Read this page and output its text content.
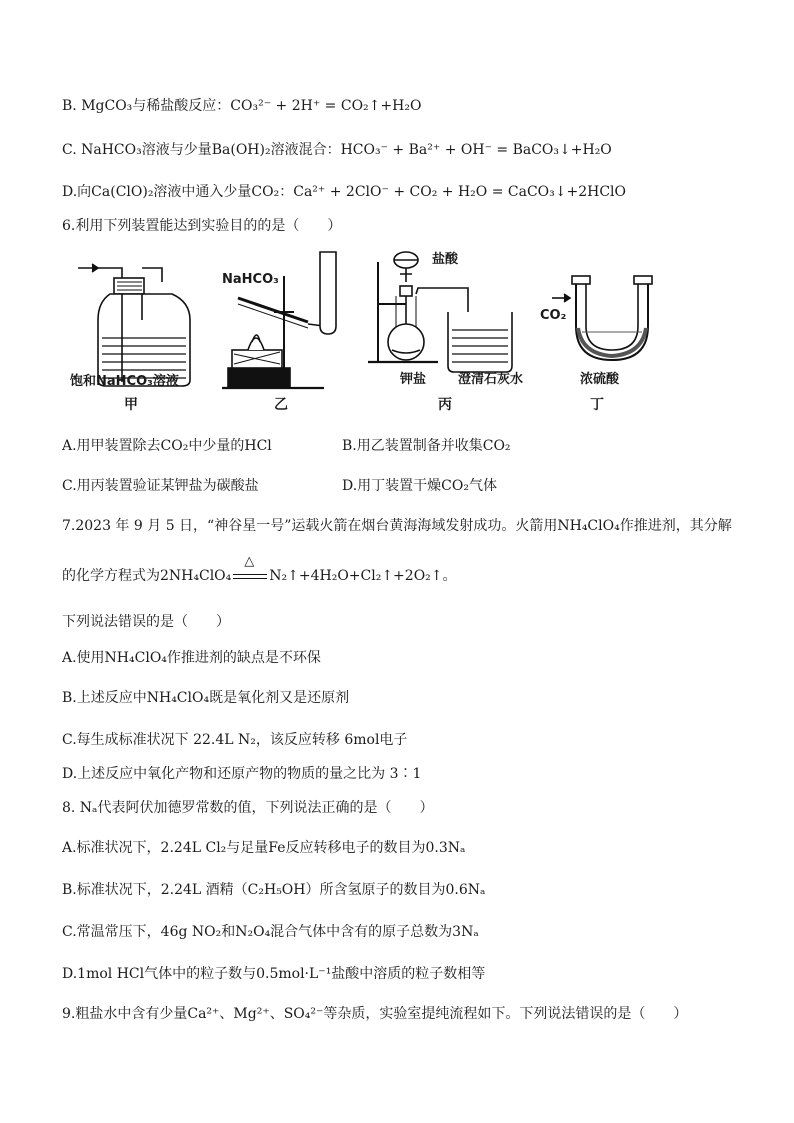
B. MgCO₃与稀盐酸反应：CO₃²⁻ + 2H⁺ = CO₂↑+H₂O
C. NaHCO₃溶液与少量Ba(OH)₂溶液混合：HCO₃⁻ + Ba²⁺ + OH⁻ = BaCO₃↓+H₂O
D.向Ca(ClO)₂溶液中通入少量CO₂：Ca²⁺ + 2ClO⁻ + CO₂ + H₂O = CaCO₃↓+2HClO
6.利用下列装置能达到实验目的的是（　　）
饱和NaHCO₃溶液
甲
NaHCO₃
乙
盐酸
钾盐 澄清石灰水
丙
CO₂
浓硫酸
丁
A.用甲装置除去CO₂中少量的HCl	B.用乙装置制备并收集CO₂
C.用丙装置验证某钾盐为碳酸盐	D.用丁装置干燥CO₂气体
7.2023 年 9 月 5 日，“神谷星一号”运载火箭在烟台黄海海域发射成功。火箭用NH₄ClO₄作推进剂，其分解
的化学方程式为2NH₄ClO₄
△
N₂↑+4H₂O+Cl₂↑+2O₂↑。
下列说法错误的是（　　）
A.使用NH₄ClO₄作推进剂的缺点是不环保
B.上述反应中NH₄ClO₄既是氧化剂又是还原剂
C.每生成标准状况下 22.4L N₂，该反应转移 6mol电子
D.上述反应中氧化产物和还原产物的物质的量之比为 3∶1
8. Nₐ代表阿伏加德罗常数的值，下列说法正确的是（　　）
A.标准状况下，2.24L Cl₂与足量Fe反应转移电子的数目为0.3Nₐ
B.标准状况下，2.24L 酒精（C₂H₅OH）所含氢原子的数目为0.6Nₐ
C.常温常压下，46g NO₂和N₂O₄混合气体中含有的原子总数为3Nₐ
D.1mol HCl气体中的粒子数与0.5mol·L⁻¹盐酸中溶质的粒子数相等
9.粗盐水中含有少量Ca²⁺、Mg²⁺、SO₄²⁻等杂质，实验室提纯流程如下。下列说法错误的是（　　）
